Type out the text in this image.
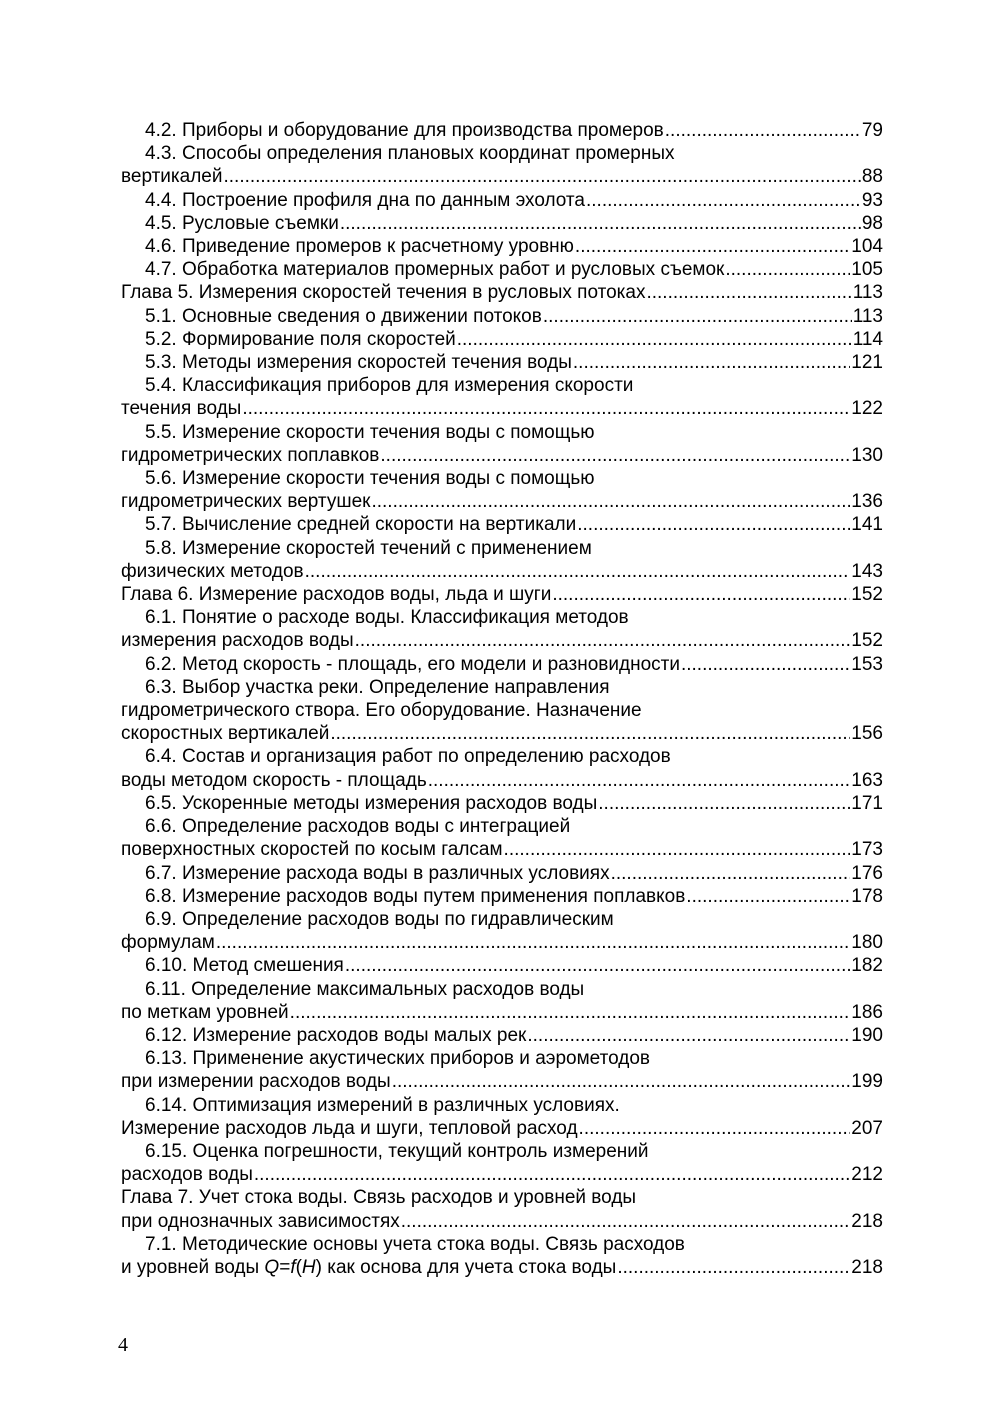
4.2. Приборы и оборудование для производства промеров .....	79
4.3. Способы определения плановых координат промерных
вертикалей .....	88
4.4. Построение профиля дна по данным эхолота .....	93
4.5. Русловые съемки .....	98
4.6. Приведение промеров к расчетному уровню .....	104
4.7. Обработка материалов промерных работ и русловых съемок .....	105
Глава 5. Измерения скоростей течения в русловых потоках .....	113
5.1. Основные сведения о движении потоков .....	113
5.2. Формирование поля скоростей .....	114
5.3. Методы измерения скоростей течения воды .....	121
5.4. Классификация приборов для измерения скорости
течения воды .....	122
5.5. Измерение скорости течения воды с помощью
гидрометрических поплавков .....	130
5.6. Измерение скорости течения воды с помощью
гидрометрических вертушек .....	136
5.7. Вычисление средней скорости на вертикали .....	141
5.8. Измерение скоростей течений с применением
физических методов .....	143
Глава 6. Измерение расходов воды, льда и шуги .....	152
6.1. Понятие о расходе воды. Классификация методов
измерения расходов воды .....	152
6.2. Метод скорость - площадь, его модели и разновидности .....	153
6.3. Выбор участка реки. Определение направления
гидрометрического створа. Его оборудование. Назначение
скоростных вертикалей .....	156
6.4. Состав и организация работ по определению расходов
воды методом скорость - площадь .....	163
6.5. Ускоренные методы измерения расходов воды .....	171
6.6. Определение расходов воды с интеграцией
поверхностных скоростей по косым галсам .....	173
6.7. Измерение расхода воды в различных условиях .....	176
6.8. Измерение расходов воды путем применения поплавков .....	178
6.9. Определение расходов воды по гидравлическим
формулам .....	180
6.10. Метод смешения .....	182
6.11. Определение максимальных расходов воды
по меткам уровней .....	186
6.12. Измерение расходов воды малых рек .....	190
6.13. Применение акустических приборов и аэрометодов
при измерении расходов воды .....	199
6.14. Оптимизация измерений в различных условиях.
Измерение расходов льда и шуги, тепловой расход .....	207
6.15. Оценка погрешности, текущий контроль измерений
расходов воды .....	212
Глава 7. Учет стока воды. Связь расходов и уровней воды
при однозначных зависимостях .....	218
7.1. Методические основы учета стока воды. Связь расходов
и уровней воды Q=f(H) как основа для учета стока воды .....	218
4
